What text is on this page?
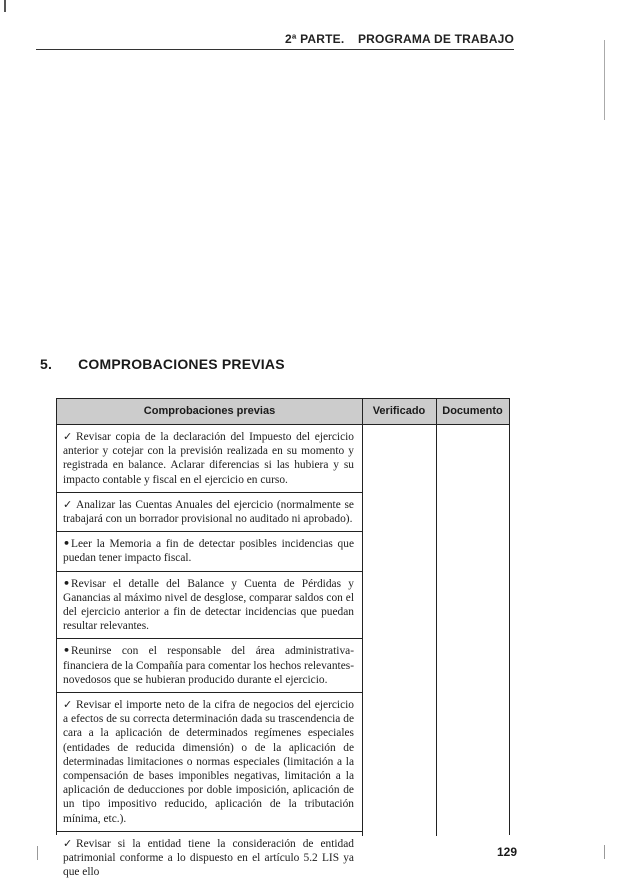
2ª PARTE. PROGRAMA DE TRABAJO
5. COMPROBACIONES PREVIAS
Comprobaciones previas	Verificado	Documento
✓ Revisar copia de la declaración del Impuesto del ejercicio anterior y cotejar con la previsión realizada en su momento y registrada en balance. Aclarar diferencias si las hubiera y su impacto contable y fiscal en el ejercicio en curso.
✓ Analizar las Cuentas Anuales del ejercicio (normalmente se trabajará con un borrador provisional no auditado ni aprobado).
•Leer la Memoria a fin de detectar posibles incidencias que puedan tener impacto fiscal.
•Revisar el detalle del Balance y Cuenta de Pérdidas y Ganancias al máximo nivel de desglose, comparar saldos con el del ejercicio anterior a fin de detectar incidencias que puedan resultar relevantes.
•Reunirse con el responsable del área administrativa-financiera de la Compañía para comentar los hechos relevantes-novedosos que se hubieran producido durante el ejercicio.
✓ Revisar el importe neto de la cifra de negocios del ejercicio a efectos de su correcta determinación dada su trascendencia de cara a la aplicación de determinados regímenes especiales (entidades de reducida dimensión) o de la aplicación de determinadas limitaciones o normas especiales (limitación a la compensación de bases imponibles negativas, limitación a la aplicación de deducciones por doble imposición, aplicación de un tipo impositivo reducido, aplicación de la tributación mínima, etc.).
✓ Revisar si la entidad tiene la consideración de entidad patrimonial conforme a lo dispuesto en el artículo 5.2 LIS ya que ello
129
